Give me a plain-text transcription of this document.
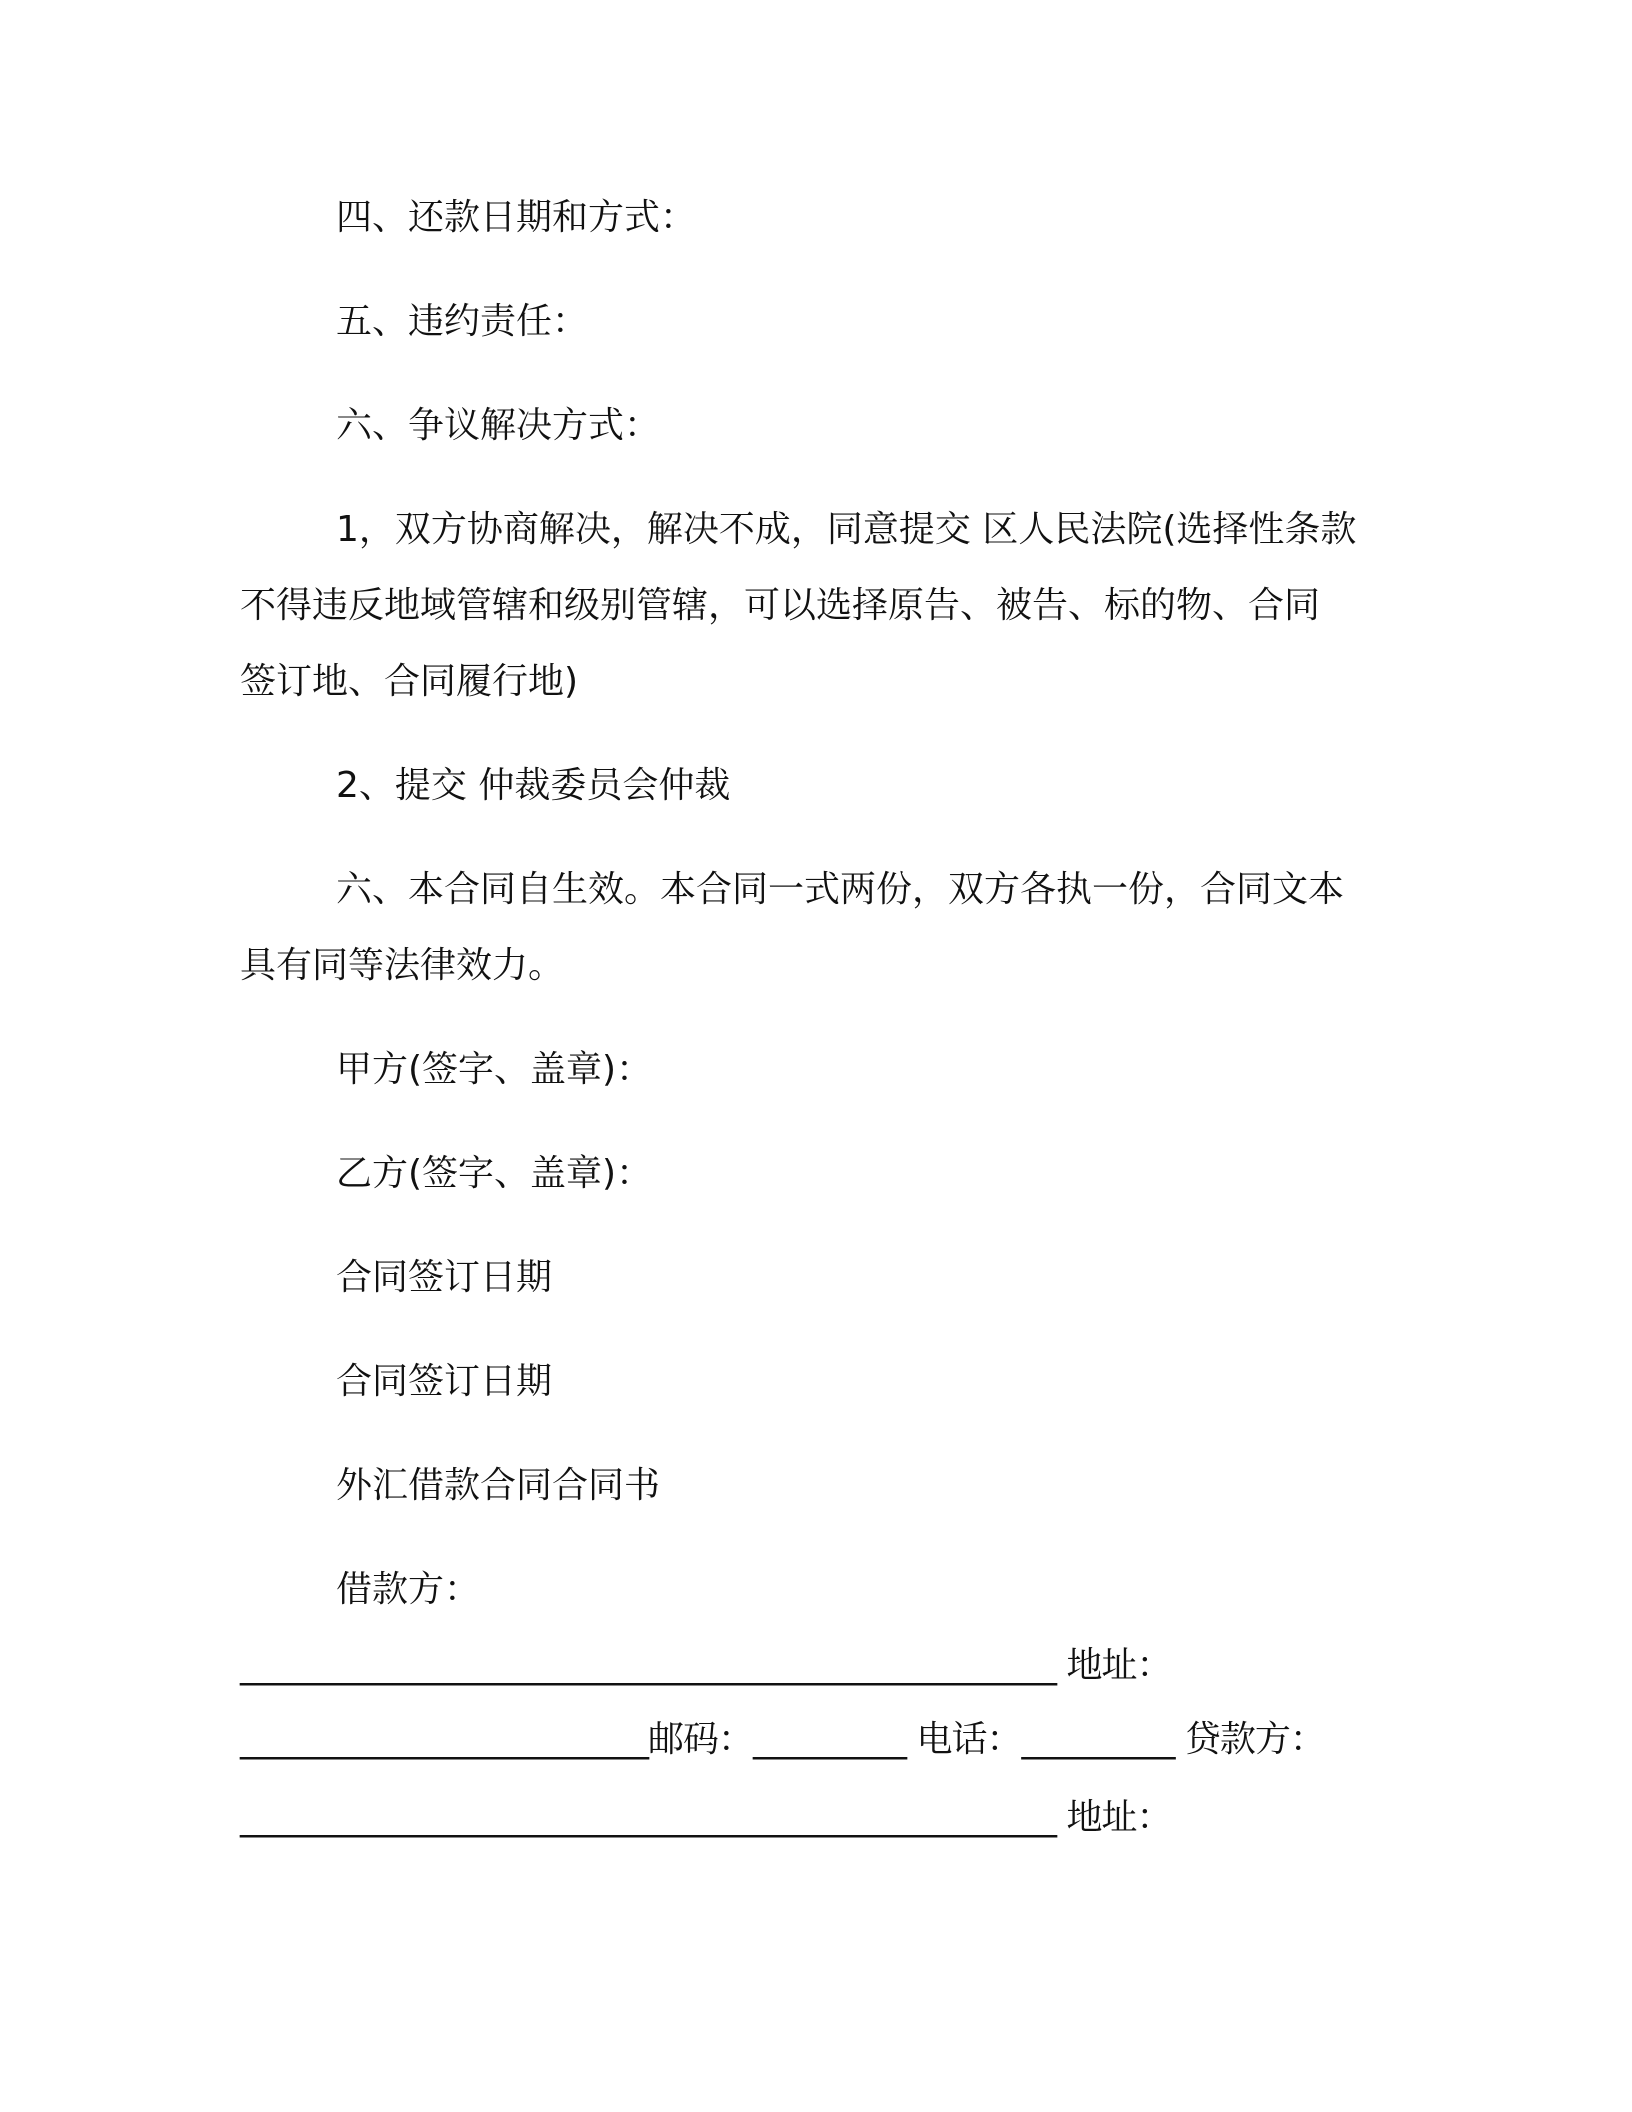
四、还款日期和方式：
五、违约责任：
六、争议解决方式：
1，双方协商解决，解决不成，同意提交 区人民法院(选择性条款
不得违反地域管辖和级别管辖，可以选择原告、被告、标的物、合同
签订地、合同履行地)
2、提交 仲裁委员会仲裁
六、本合同自生效。本合同一式两份，双方各执一份，合同文本
具有同等法律效力。
甲方(签字、盖章)：
乙方(签字、盖章)：
合同签订日期
合同签订日期
外汇借款合同合同书
借款方：
________________________________________________ 地址：
________________________邮码：_________ 电话：_________ 贷款方：
________________________________________________ 地址：
